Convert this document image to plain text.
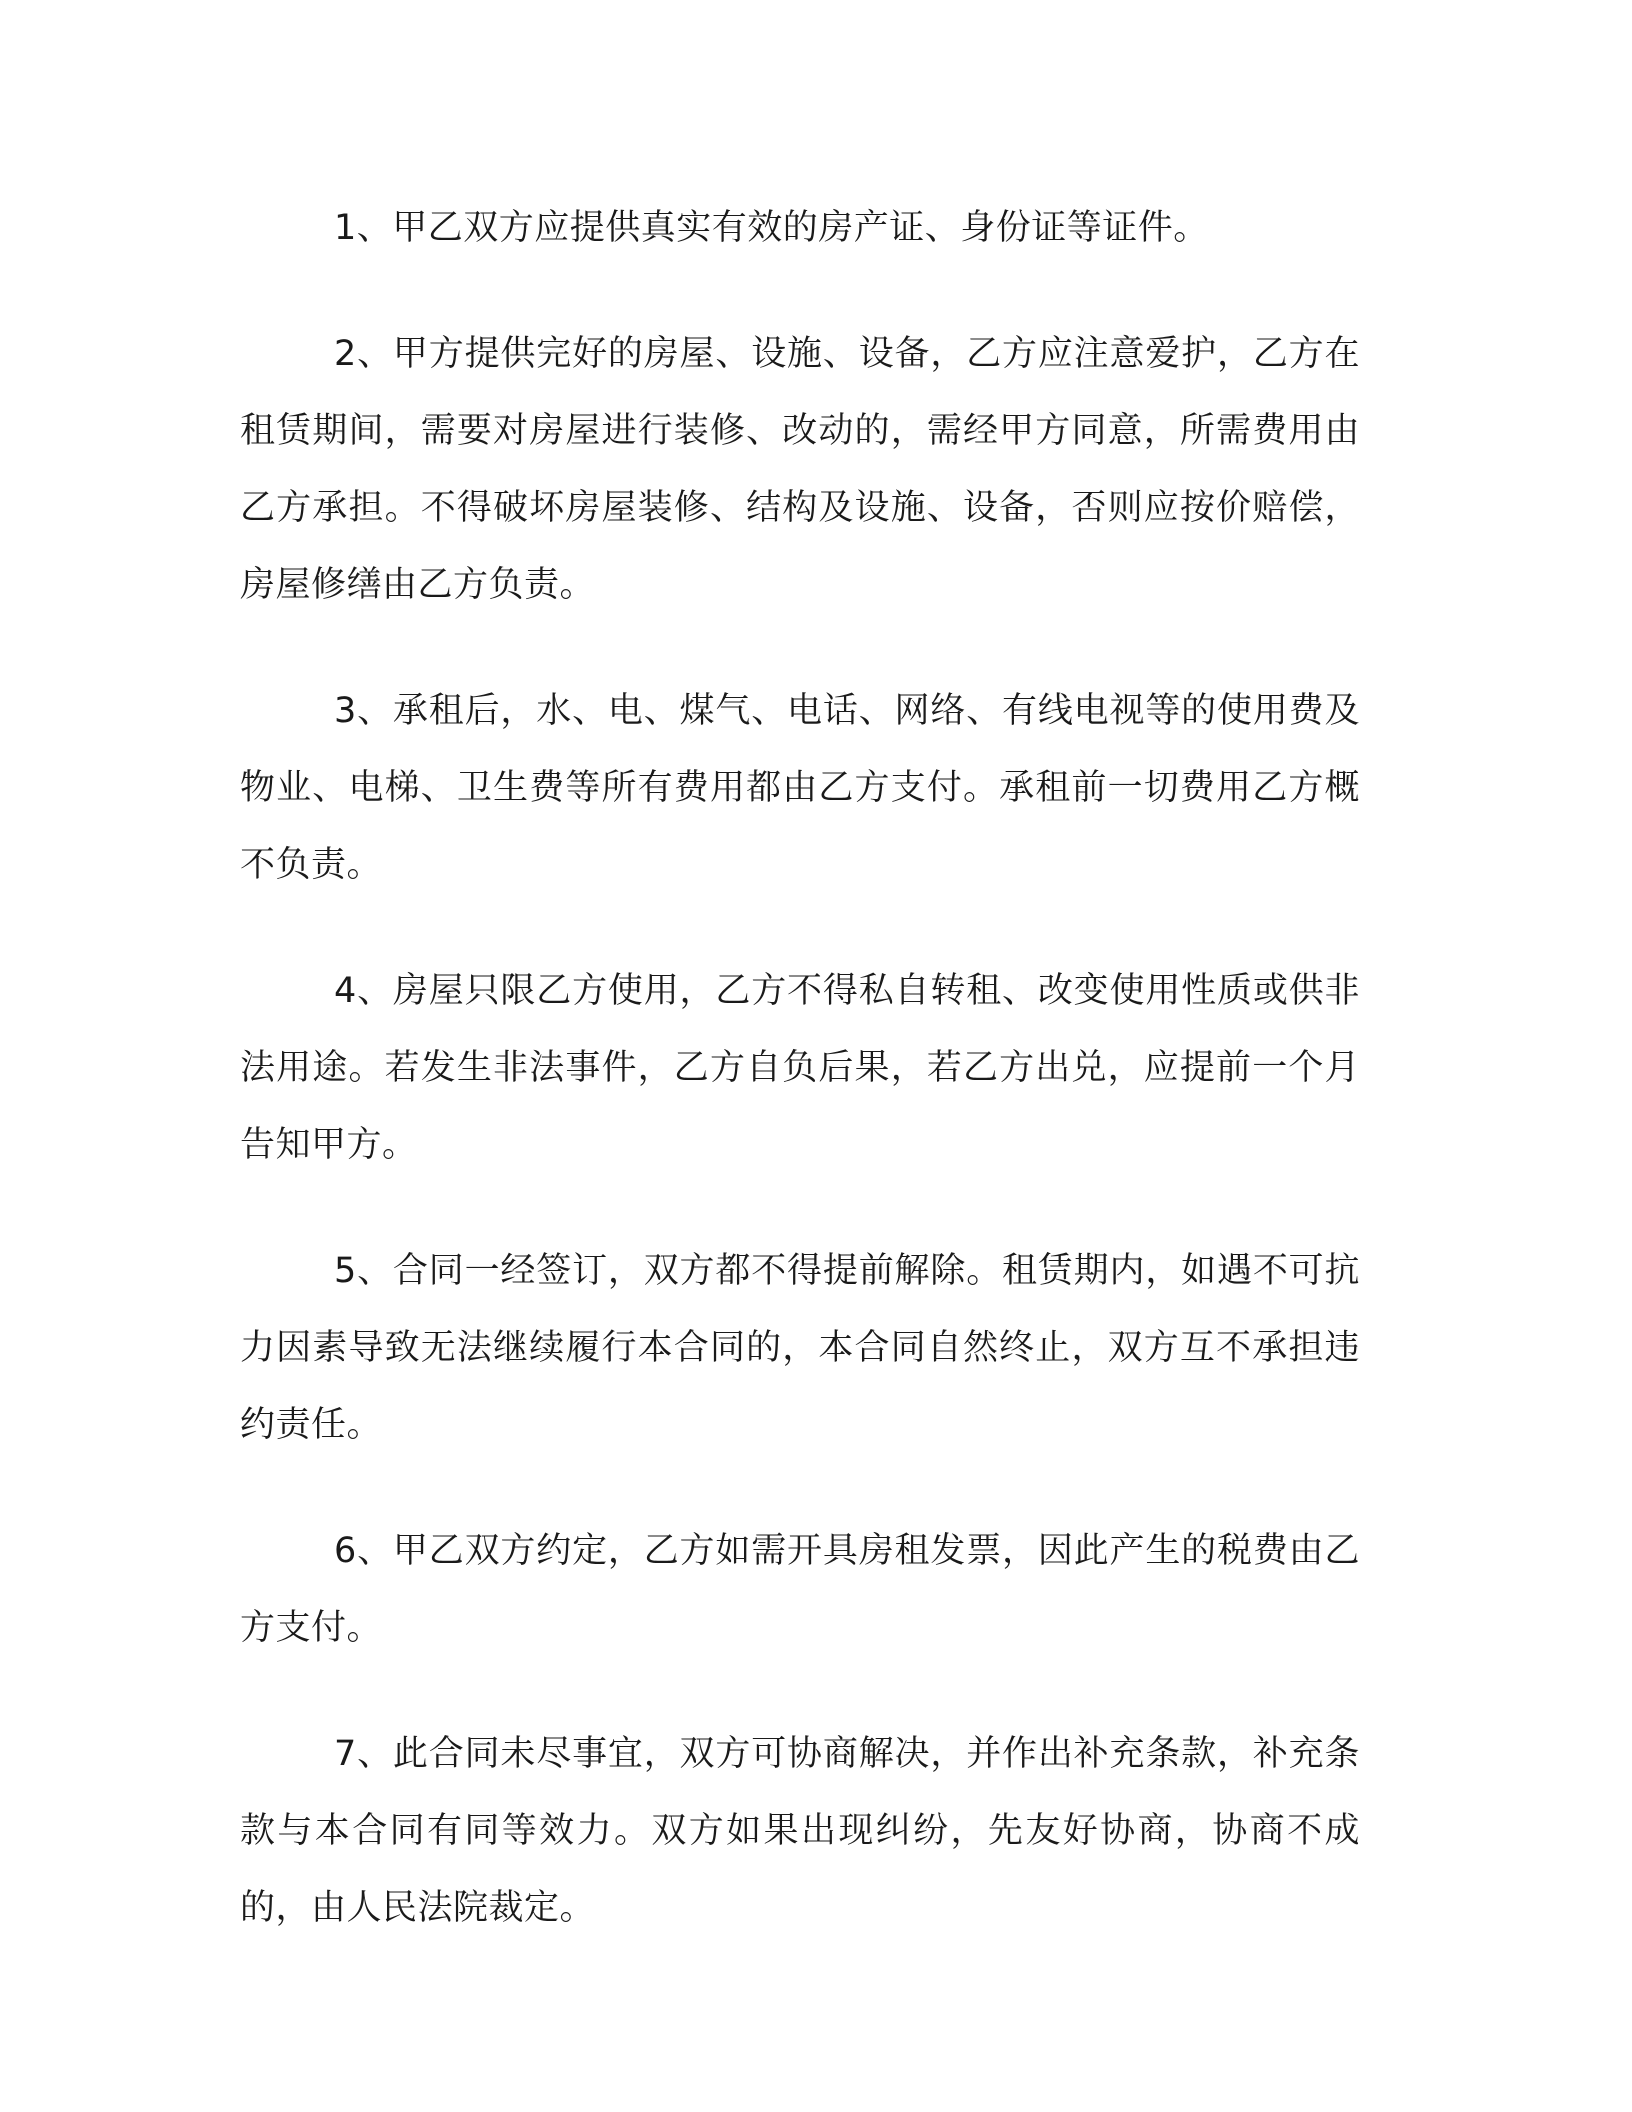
1、甲乙双方应提供真实有效的房产证、身份证等证件。

2、甲方提供完好的房屋、设施、设备，乙方应注意爱护，乙方在租赁期间，需要对房屋进行装修、改动的，需经甲方同意，所需费用由乙方承担。不得破坏房屋装修、结构及设施、设备，否则应按价赔偿，房屋修缮由乙方负责。

3、承租后，水、电、煤气、电话、网络、有线电视等的使用费及物业、电梯、卫生费等所有费用都由乙方支付。承租前一切费用乙方概不负责。

4、房屋只限乙方使用，乙方不得私自转租、改变使用性质或供非法用途。若发生非法事件，乙方自负后果，若乙方出兑，应提前一个月告知甲方。

5、合同一经签订，双方都不得提前解除。租赁期内，如遇不可抗力因素导致无法继续履行本合同的，本合同自然终止，双方互不承担违约责任。

6、甲乙双方约定，乙方如需开具房租发票，因此产生的税费由乙方支付。

7、此合同未尽事宜，双方可协商解决，并作出补充条款，补充条款与本合同有同等效力。双方如果出现纠纷，先友好协商，协商不成的，由人民法院裁定。
